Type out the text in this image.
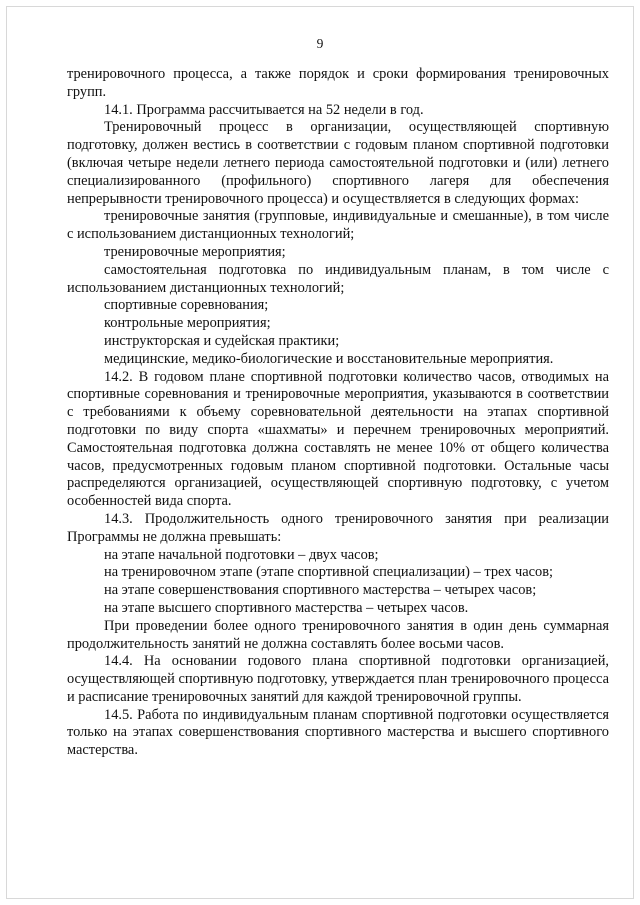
9

тренировочного процесса, а также порядок и сроки формирования тренировочных групп.

14.1. Программа рассчитывается на 52 недели в год.

Тренировочный процесс в организации, осуществляющей спортивную подготовку, должен вестись в соответствии с годовым планом спортивной подготовки (включая четыре недели летнего периода самостоятельной подготовки и (или) летнего специализированного (профильного) спортивного лагеря для обеспечения непрерывности тренировочного процесса) и осуществляется в следующих формах:

тренировочные занятия (групповые, индивидуальные и смешанные), в том числе с использованием дистанционных технологий;

тренировочные мероприятия;

самостоятельная подготовка по индивидуальным планам, в том числе с использованием дистанционных технологий;

спортивные соревнования;

контрольные мероприятия;

инструкторская и судейская практики;

медицинские, медико-биологические и восстановительные мероприятия.

14.2. В годовом плане спортивной подготовки количество часов, отводимых на спортивные соревнования и тренировочные мероприятия, указываются в соответствии с требованиями к объему соревновательной деятельности на этапах спортивной подготовки по виду спорта «шахматы» и перечнем тренировочных мероприятий. Самостоятельная подготовка должна составлять не менее 10% от общего количества часов, предусмотренных годовым планом спортивной подготовки. Остальные часы распределяются организацией, осуществляющей спортивную подготовку, с учетом особенностей вида спорта.

14.3. Продолжительность одного тренировочного занятия при реализации Программы не должна превышать:

на этапе начальной подготовки – двух часов;

на тренировочном этапе (этапе спортивной специализации) – трех часов;

на этапе совершенствования спортивного мастерства – четырех часов;

на этапе высшего спортивного мастерства – четырех часов.

При проведении более одного тренировочного занятия в один день суммарная продолжительность занятий не должна составлять более восьми часов.

14.4. На основании годового плана спортивной подготовки организацией, осуществляющей спортивную подготовку, утверждается план тренировочного процесса и расписание тренировочных занятий для каждой тренировочной группы.

14.5. Работа по индивидуальным планам спортивной подготовки осуществляется только на этапах совершенствования спортивного мастерства и высшего спортивного мастерства.
